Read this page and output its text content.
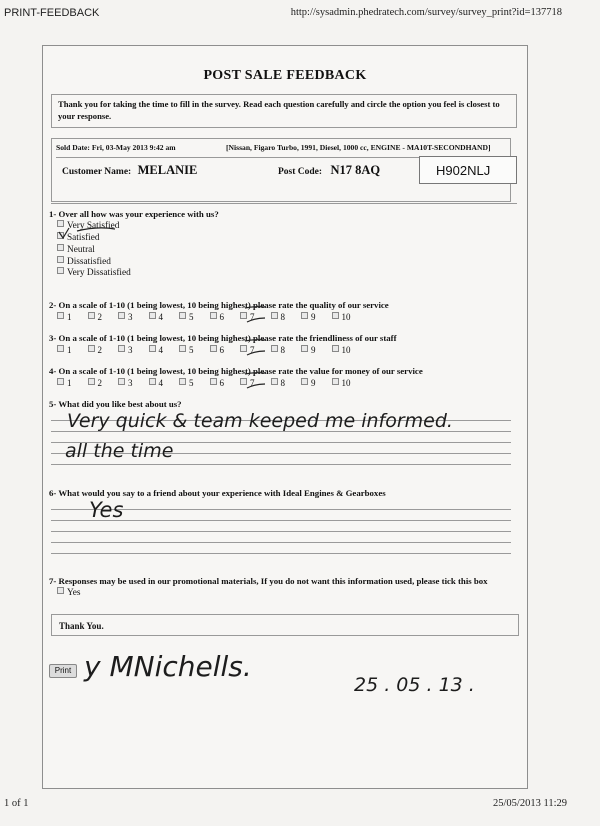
PRINT-FEEDBACK	http://sysadmin.phedratech.com/survey/survey_print?id=137718
POST SALE FEEDBACK
Thank you for taking the time to fill in the survey. Read each question carefully and circle the option you feel is closest to your response.
Sold Date: Fri, 03-May 2013 9:42 am	[Nissan, Figaro Turbo, 1991, Diesel, 1000 cc, ENGINE - MA10T-SECONDHAND]
Customer Name: MELANIE	Post Code: N17 8AQ	H902NLJ
1- Over all how was your experience with us?
Very Satisfied
Satisfied
Neutral
Dissatisfied
Very Dissatisfied
2- On a scale of 1-10 (1 being lowest, 10 being highest) please rate the quality of our service
1	2	3	4	5	6	7	8	9	10
3- On a scale of 1-10 (1 being lowest, 10 being highest) please rate the friendliness of our staff
1	2	3	4	5	6	7	8	9	10
4- On a scale of 1-10 (1 being lowest, 10 being highest) please rate the value for money of our service
1	2	3	4	5	6	7	8	9	10
5- What did you like best about us?
Very quick & team keeped me informed.
all the time
6- What would you say to a friend about your experience with Ideal Engines & Gearboxes
Yes
7- Responses may be used in our promotional materials, If you do not want this information used, please tick this box
Yes
Thank You.
Print y MNichells.
25 . 05 . 13 .
1 of 1	25/05/2013 11:29
